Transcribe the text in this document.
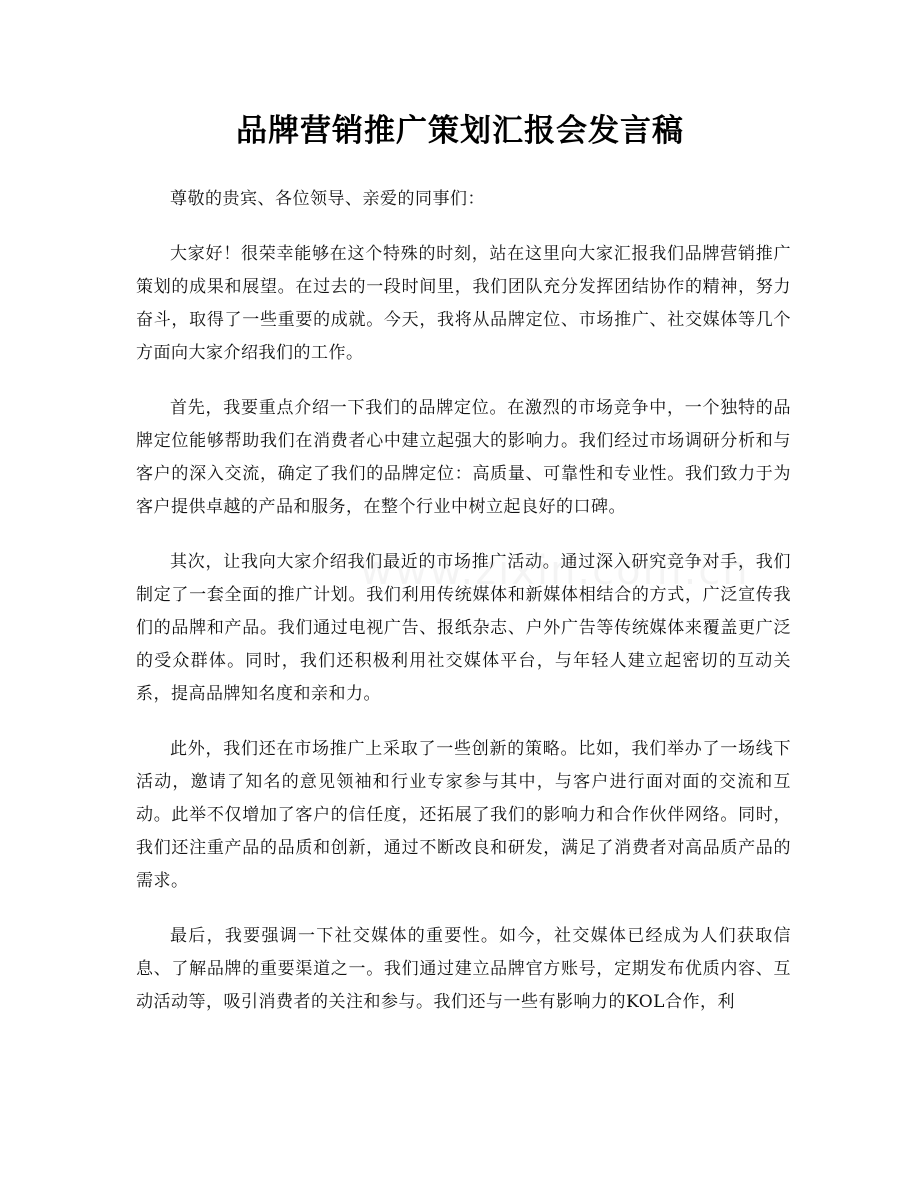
品牌营销推广策划汇报会发言稿

尊敬的贵宾、各位领导、亲爱的同事们：

大家好！很荣幸能够在这个特殊的时刻，站在这里向大家汇报我们品牌营销推广策划的成果和展望。在过去的一段时间里，我们团队充分发挥团结协作的精神，努力奋斗，取得了一些重要的成就。今天，我将从品牌定位、市场推广、社交媒体等几个方面向大家介绍我们的工作。

首先，我要重点介绍一下我们的品牌定位。在激烈的市场竞争中，一个独特的品牌定位能够帮助我们在消费者心中建立起强大的影响力。我们经过市场调研分析和与客户的深入交流，确定了我们的品牌定位：高质量、可靠性和专业性。我们致力于为客户提供卓越的产品和服务，在整个行业中树立起良好的口碑。

其次，让我向大家介绍我们最近的市场推广活动。通过深入研究竞争对手，我们制定了一套全面的推广计划。我们利用传统媒体和新媒体相结合的方式，广泛宣传我们的品牌和产品。我们通过电视广告、报纸杂志、户外广告等传统媒体来覆盖更广泛的受众群体。同时，我们还积极利用社交媒体平台，与年轻人建立起密切的互动关系，提高品牌知名度和亲和力。

此外，我们还在市场推广上采取了一些创新的策略。比如，我们举办了一场线下活动，邀请了知名的意见领袖和行业专家参与其中，与客户进行面对面的交流和互动。此举不仅增加了客户的信任度，还拓展了我们的影响力和合作伙伴网络。同时，我们还注重产品的品质和创新，通过不断改良和研发，满足了消费者对高品质产品的需求。

最后，我要强调一下社交媒体的重要性。如今，社交媒体已经成为人们获取信息、了解品牌的重要渠道之一。我们通过建立品牌官方账号，定期发布优质内容、互动活动等，吸引消费者的关注和参与。我们还与一些有影响力的KOL合作，利
